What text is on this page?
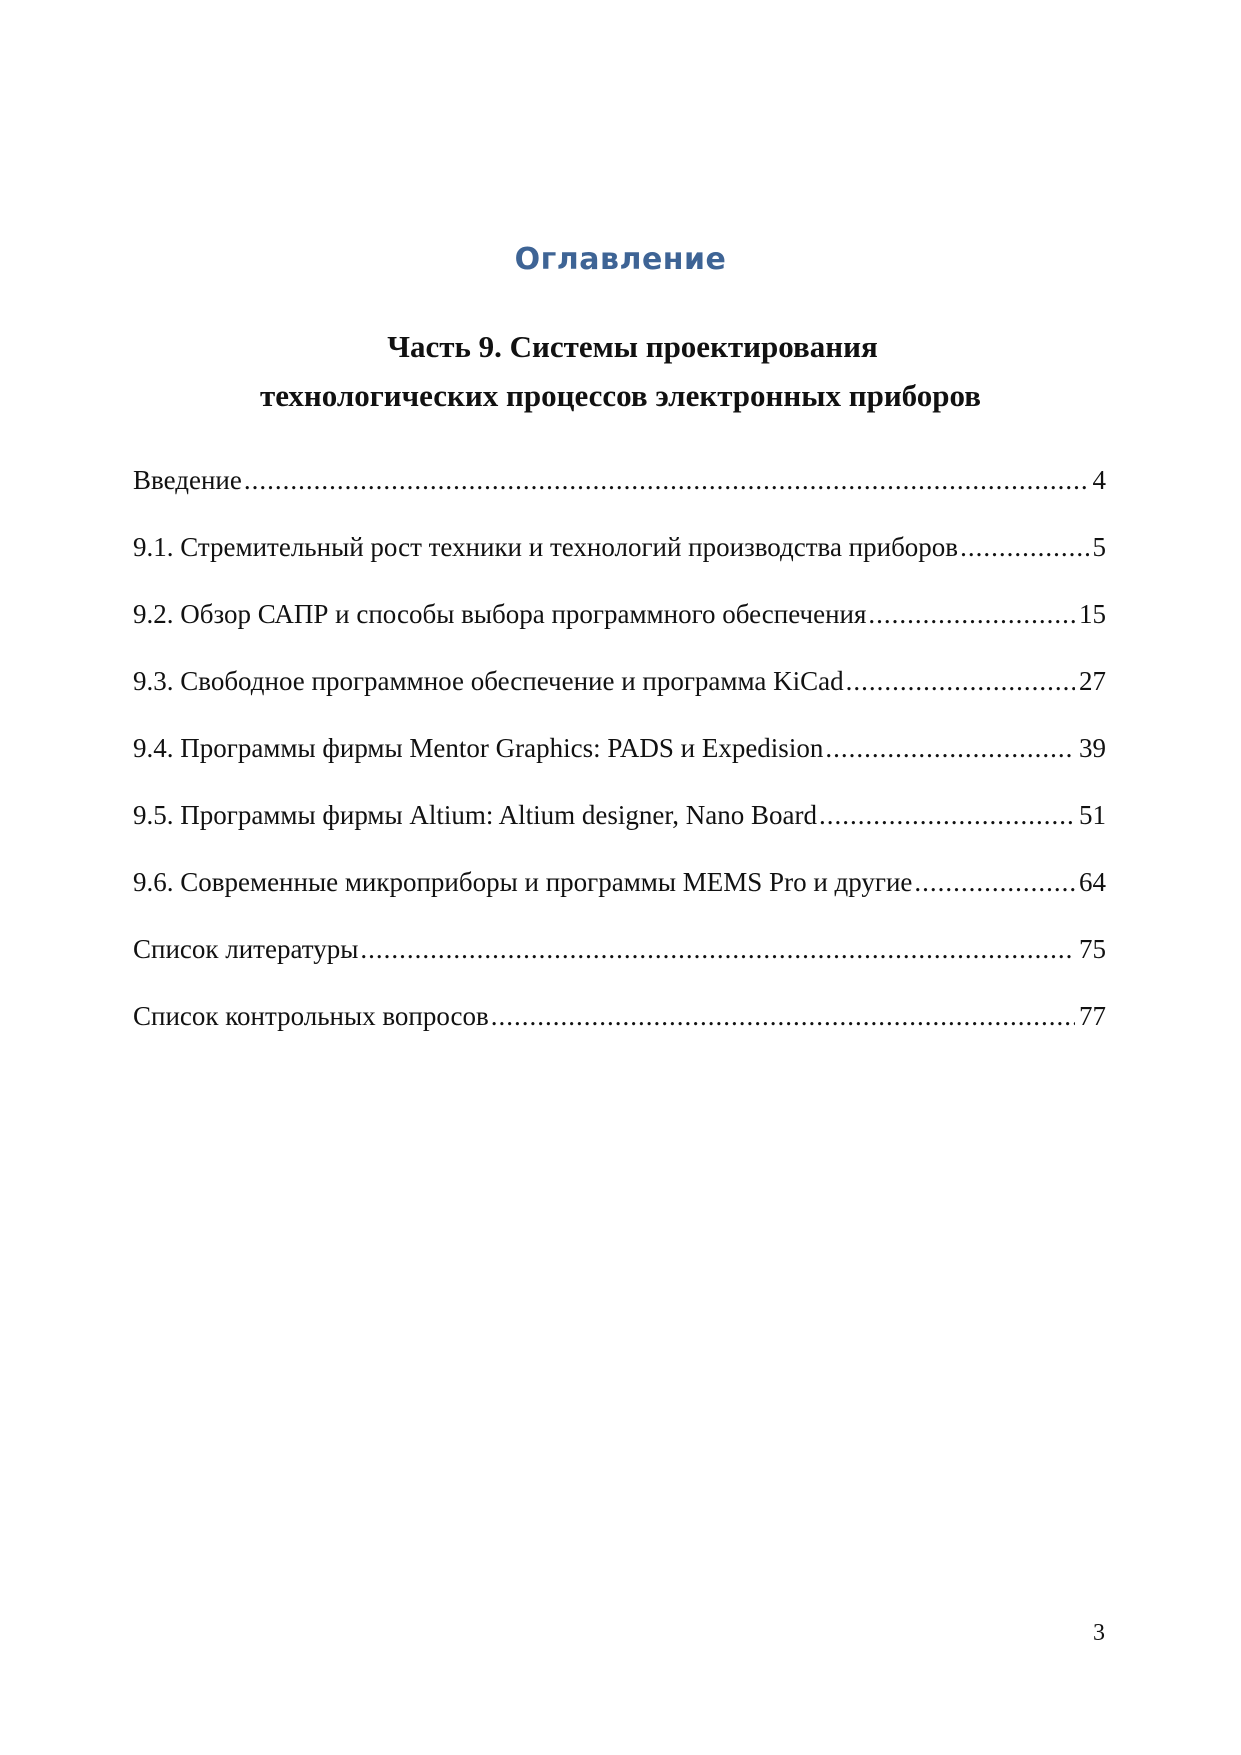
Оглавление
Часть 9. Системы проектирования
технологических процессов электронных приборов
Введение .....	4
9.1. Стремительный рост техники и технологий производства приборов .....	5
9.2. Обзор САПР и способы выбора программного обеспечения .....	15
9.3. Свободное программное обеспечение и программа KiCad .....	27
9.4. Программы фирмы Mentor Graphics: PADS и Expedision .....	39
9.5. Программы фирмы Altium: Altium designer, Nano Board .....	51
9.6. Современные микроприборы и программы MEMS Pro и другие .....	64
Список литературы .....	75
Список контрольных вопросов .....	77
3
